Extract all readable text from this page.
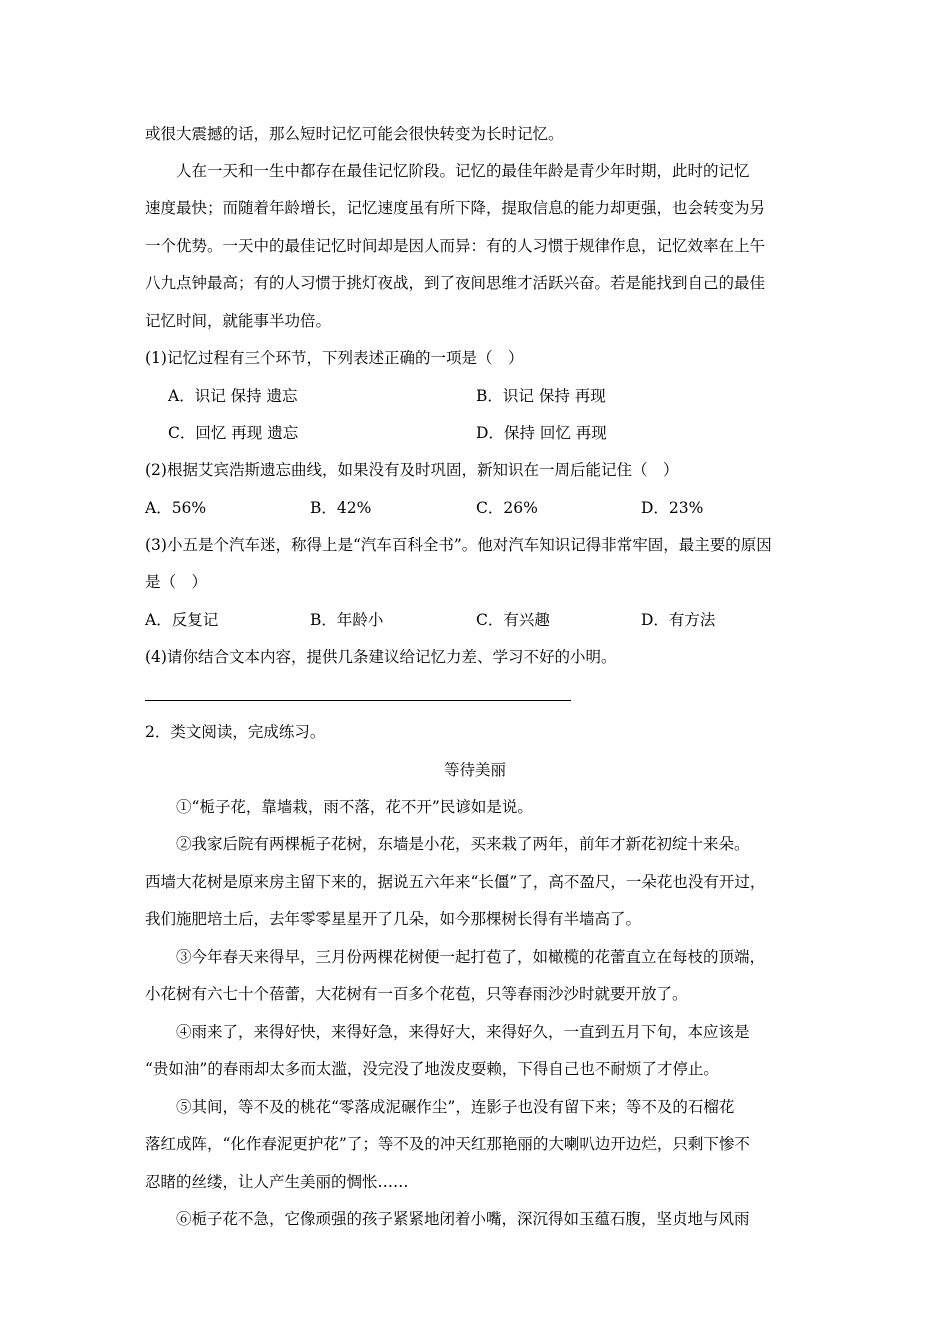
或很大震撼的话，那么短时记忆可能会很快转变为长时记忆。
人在一天和一生中都存在最佳记忆阶段。记忆的最佳年龄是青少年时期，此时的记忆
速度最快；而随着年龄增长，记忆速度虽有所下降，提取信息的能力却更强，也会转变为另
一个优势。一天中的最佳记忆时间却是因人而异：有的人习惯于规律作息，记忆效率在上午
八九点钟最高；有的人习惯于挑灯夜战，到了夜间思维才活跃兴奋。若是能找到自己的最佳
记忆时间，就能事半功倍。
(1)记忆过程有三个环节，下列表述正确的一项是（　）
A．识记 保持 遗忘	B．识记 保持 再现
C．回忆 再现 遗忘	D．保持 回忆 再现
(2)根据艾宾浩斯遗忘曲线，如果没有及时巩固，新知识在一周后能记住（　）
A．56%	B．42%	C．26%	D．23%
(3)小五是个汽车迷，称得上是“汽车百科全书”。他对汽车知识记得非常牢固，最主要的原因
是（　）
A．反复记	B．年龄小	C．有兴趣	D．有方法
(4)请你结合文本内容，提供几条建议给记忆力差、学习不好的小明。
2．类文阅读，完成练习。
等待美丽
①“栀子花，靠墙栽，雨不落，花不开”民谚如是说。
②我家后院有两棵栀子花树，东墙是小花，买来栽了两年，前年才新花初绽十来朵。
西墙大花树是原来房主留下来的，据说五六年来“长僵”了，高不盈尺，一朵花也没有开过，
我们施肥培土后，去年零零星星开了几朵，如今那棵树长得有半墙高了。
③今年春天来得早，三月份两棵花树便一起打苞了，如橄榄的花蕾直立在每枝的顶端，
小花树有六七十个蓓蕾，大花树有一百多个花苞，只等春雨沙沙时就要开放了。
④雨来了，来得好快，来得好急，来得好大，来得好久，一直到五月下旬，本应该是
“贵如油”的春雨却太多而太滥，没完没了地泼皮耍赖，下得自己也不耐烦了才停止。
⑤其间，等不及的桃花“零落成泥碾作尘”，连影子也没有留下来；等不及的石榴花
落红成阵，“化作春泥更护花”了；等不及的冲天红那艳丽的大喇叭边开边烂，只剩下惨不
忍睹的丝缕，让人产生美丽的惆怅……
⑥栀子花不急，它像顽强的孩子紧紧地闭着小嘴，深沉得如玉蕴石腹，坚贞地与风雨
